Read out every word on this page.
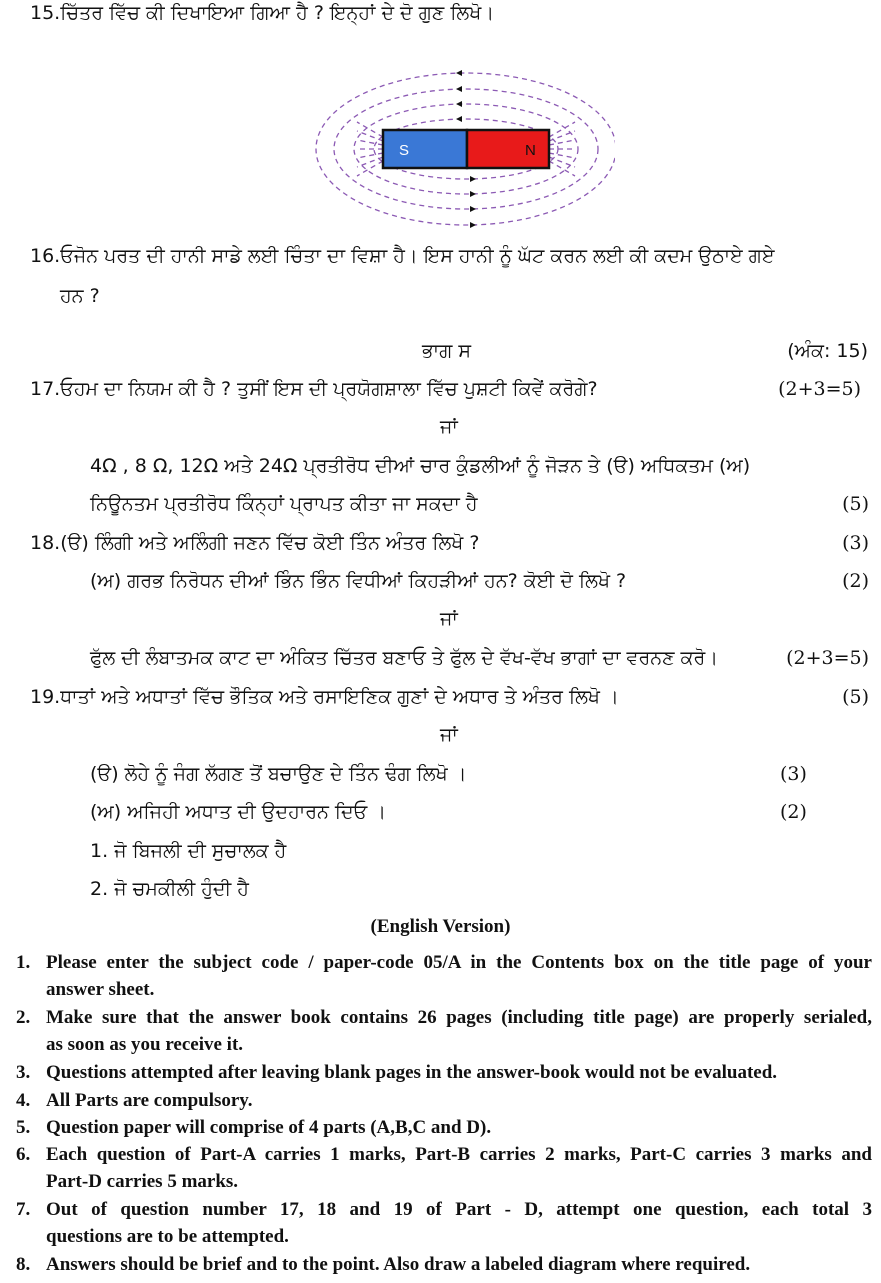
15.ਚਿੱਤਰ ਵਿੱਚ ਕੀ ਦਿਖਾਇਆ ਗਿਆ ਹੈ ? ਇਨ੍ਹਾਂ ਦੇ ਦੋ ਗੁਣ ਲਿਖੋ।
S	N
16.ਓਜੋਨ ਪਰਤ ਦੀ ਹਾਨੀ ਸਾਡੇ ਲਈ ਚਿੰਤਾ ਦਾ ਵਿਸ਼ਾ ਹੈ। ਇਸ ਹਾਨੀ ਨੂੰ ਘੱਟ ਕਰਨ ਲਈ ਕੀ ਕਦਮ ਉਠਾਏ ਗਏ
ਹਨ ?
ਭਾਗ ਸ	(ਅੰਕ: 15)
17.ਓਹਮ ਦਾ ਨਿਯਮ ਕੀ ਹੈ ? ਤੁਸੀਂ ਇਸ ਦੀ ਪ੍ਰਯੋਗਸ਼ਾਲਾ ਵਿੱਚ ਪੁਸ਼ਟੀ ਕਿਵੇਂ ਕਰੋਗੇ?	(2+3=5)
ਜਾਂ
4Ω , 8 Ω, 12Ω ਅਤੇ 24Ω ਪ੍ਰਤੀਰੋਧ ਦੀਆਂ ਚਾਰ ਕੁੰਡਲੀਆਂ ਨੂੰ ਜੋੜਨ ਤੇ (ੳ) ਅਧਿਕਤਮ (ਅ)
ਨਿਊਨਤਮ ਪ੍ਰਤੀਰੋਧ ਕਿੰਨ੍ਹਾਂ ਪ੍ਰਾਪਤ ਕੀਤਾ ਜਾ ਸਕਦਾ ਹੈ	(5)
18.(ੳ) ਲਿੰਗੀ ਅਤੇ ਅਲਿੰਗੀ ਜਣਨ ਵਿੱਚ ਕੋਈ ਤਿੰਨ ਅੰਤਰ ਲਿਖੋ ?	(3)
(ਅ) ਗਰਭ ਨਿਰੋਧਨ ਦੀਆਂ ਭਿੰਨ ਭਿੰਨ ਵਿਧੀਆਂ ਕਿਹੜੀਆਂ ਹਨ? ਕੋਈ ਦੋ ਲਿਖੋ ?	(2)
ਜਾਂ
ਫੁੱਲ ਦੀ ਲੰਬਾਤਮਕ ਕਾਟ ਦਾ ਅੰਕਿਤ ਚਿੱਤਰ ਬਣਾਓ ਤੇ ਫੁੱਲ ਦੇ ਵੱਖ-ਵੱਖ ਭਾਗਾਂ ਦਾ ਵਰਨਣ ਕਰੋ।	(2+3=5)
19.ਧਾਤਾਂ ਅਤੇ ਅਧਾਤਾਂ ਵਿੱਚ ਭੌਤਿਕ ਅਤੇ ਰਸਾਇਣਿਕ ਗੁਣਾਂ ਦੇ ਅਧਾਰ ਤੇ ਅੰਤਰ ਲਿਖੋ ।	(5)
ਜਾਂ
(ੳ) ਲੋਹੇ ਨੂੰ ਜੰਗ ਲੱਗਣ ਤੋਂ ਬਚਾਉਣ ਦੇ ਤਿੰਨ ਢੰਗ ਲਿਖੋ ।	(3)
(ਅ) ਅਜਿਹੀ ਅਧਾਤ ਦੀ ਉਦਹਾਰਨ ਦਿਓ ।	(2)
1. ਜੋ ਬਿਜਲੀ ਦੀ ਸੁਚਾਲਕ ਹੈ
2. ਜੋ ਚਮਕੀਲੀ ਹੁੰਦੀ ਹੈ
(English Version)
1. Please enter the subject code / paper-code 05/A in the Contents box on the title page of your
answer sheet.
2. Make sure that the answer book contains 26 pages (including title page) are properly serialed,
as soon as you receive it.
3. Questions attempted after leaving blank pages in the answer-book would not be evaluated.
4. All Parts are compulsory.
5. Question paper will comprise of 4 parts (A,B,C and D).
6. Each question of Part-A carries 1 marks, Part-B carries 2 marks, Part-C carries 3 marks and
Part-D carries 5 marks.
7. Out of question number 17, 18 and 19 of Part - D, attempt one question, each total 3
questions are to be attempted.
8. Answers should be brief and to the point. Also draw a labeled diagram where required.
